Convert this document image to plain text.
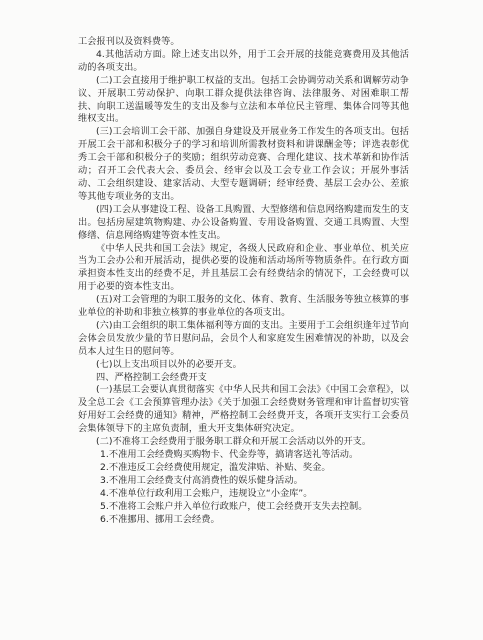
工会报刊以及资料费等。

4.其他活动方面。除上述支出以外，用于工会开展的技能竞赛费用及其他活动的各项支出。

(二)工会直接用于维护职工权益的支出。包括工会协调劳动关系和调解劳动争议、开展职工劳动保护、向职工群众提供法律咨询、法律服务、对困难职工帮扶、向职工送温暖等发生的支出及参与立法和本单位民主管理、集体合同等其他维权支出。

(三)工会培训工会干部、加强自身建设及开展业务工作发生的各项支出。包括开展工会干部和积极分子的学习和培训所需教材资料和讲课酬金等；评选表彰优秀工会干部和积极分子的奖励；组织劳动竞赛、合理化建议、技术革新和协作活动；召开工会代表大会、委员会、经审会以及工会专业工作会议；开展外事活动、工会组织建设、建家活动、大型专题调研；经审经费、基层工会办公、差旅等其他专项业务的支出。

(四)工会从事建设工程、设备工具购置、大型修缮和信息网络购建而发生的支出。包括房屋建筑物购建、办公设备购置、专用设备购置、交通工具购置、大型修缮、信息网络购建等资本性支出。

《中华人民共和国工会法》规定，各级人民政府和企业、事业单位、机关应当为工会办公和开展活动，提供必要的设施和活动场所等物质条件。在行政方面承担资本性支出的经费不足，并且基层工会有经费结余的情况下，工会经费可以用于必要的资本性支出。

(五)对工会管理的为职工服务的文化、体育、教育、生活服务等独立核算的事业单位的补助和非独立核算的事业单位的各项支出。

(六)由工会组织的职工集体福利等方面的支出。主要用于工会组织逢年过节向会体会员发放少量的节日慰问品，会员个人和家庭发生困难情况的补助，以及会员本人过生日的慰问等。

(七)以上支出项目以外的必要开支。

四、严格控制工会经费开支

(一)基层工会要认真贯彻落实《中华人民共和国工会法》《中国工会章程》，以及全总工会《工会预算管理办法》《关于加强工会经费财务管理和审计监督切实管好用好工会经费的通知》精神，严格控制工会经费开支，各项开支实行工会委员会集体领导下的主席负责制，重大开支集体研究决定。

(二)不准将工会经费用于服务职工群众和开展工会活动以外的开支。

1.不准用工会经费购买购物卡、代金券等，搞请客送礼等活动。

2.不准违反工会经费使用规定，滥发津贴、补贴、奖金。

3.不准用工会经费支付高消费性的娱乐健身活动。

4.不准单位行政利用工会账户，违规设立“小金库”。

5.不准将工会账户并入单位行政账户，使工会经费开支失去控制。

6.不准挪用、挪用工会经费。
